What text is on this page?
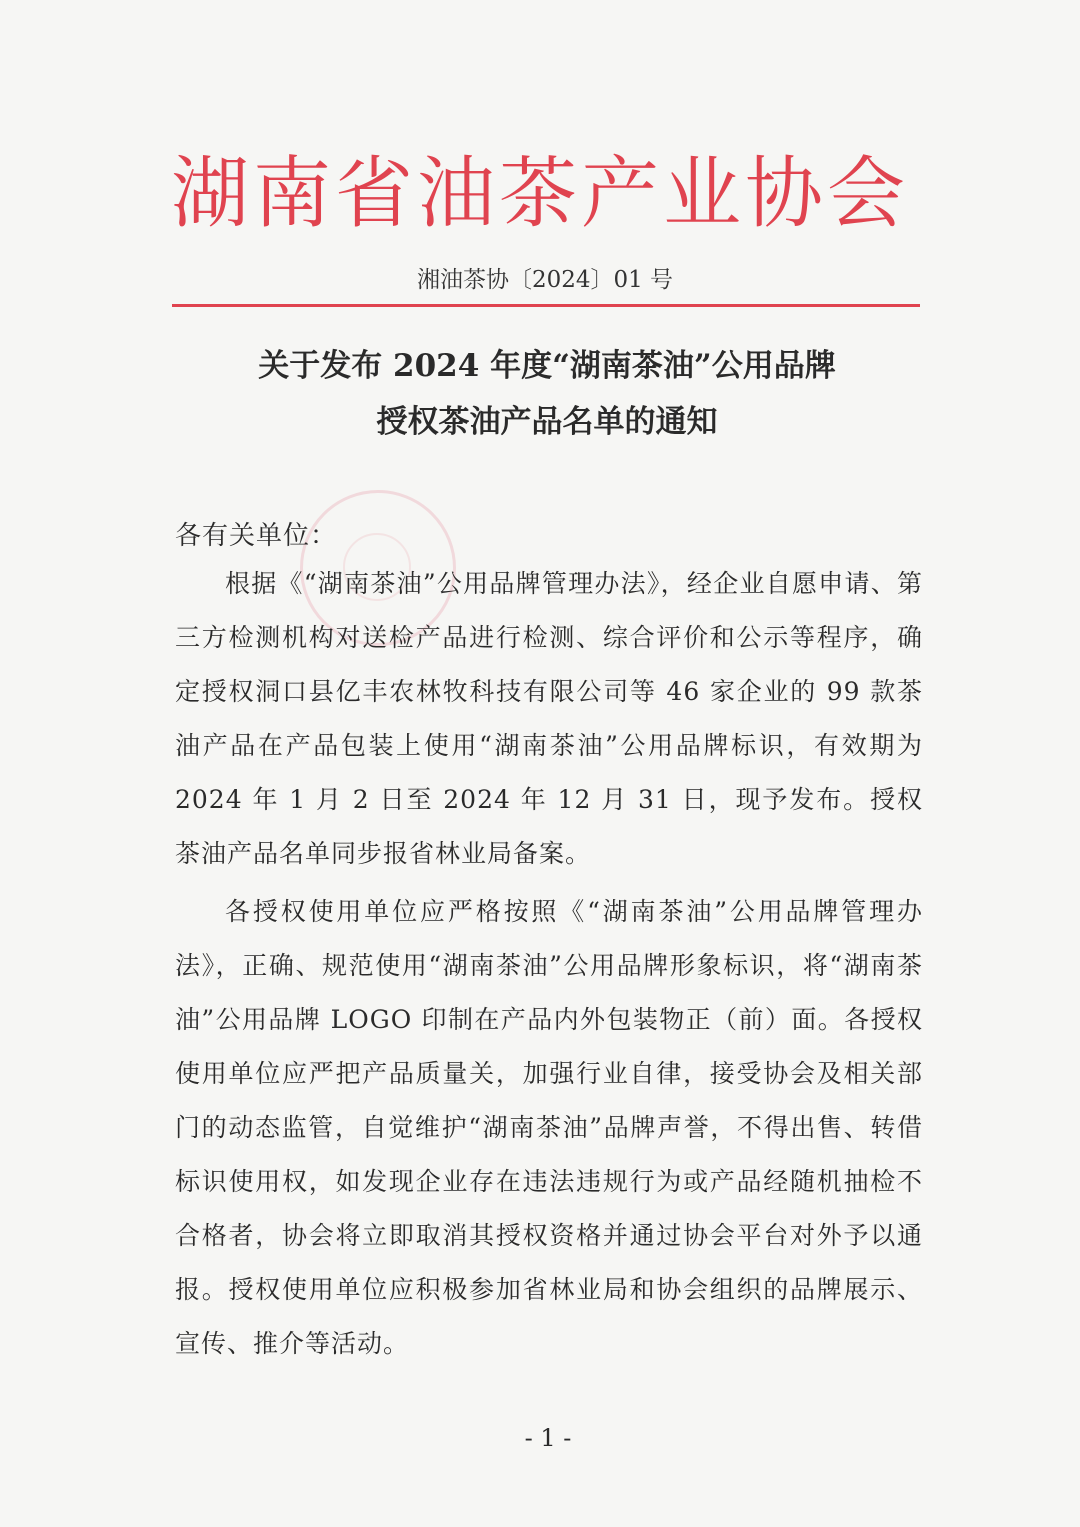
湖南省油茶产业协会
湘油茶协〔2024〕01 号
关于发布 2024 年度“湖南茶油”公用品牌
授权茶油产品名单的通知
各有关单位：

根据《“湖南茶油”公用品牌管理办法》，经企业自愿申请、第三方检测机构对送检产品进行检测、综合评价和公示等程序，确定授权洞口县亿丰农林牧科技有限公司等 46 家企业的 99 款茶油产品在产品包装上使用“湖南茶油”公用品牌标识，有效期为 2024 年 1 月 2 日至 2024 年 12 月 31 日，现予发布。授权茶油产品名单同步报省林业局备案。

各授权使用单位应严格按照《“湖南茶油”公用品牌管理办法》，正确、规范使用“湖南茶油”公用品牌形象标识，将“湖南茶油”公用品牌 LOGO 印制在产品内外包装物正（前）面。各授权使用单位应严把产品质量关，加强行业自律，接受协会及相关部门的动态监管，自觉维护“湖南茶油”品牌声誉，不得出售、转借标识使用权，如发现企业存在违法违规行为或产品经随机抽检不合格者，协会将立即取消其授权资格并通过协会平台对外予以通报。授权使用单位应积极参加省林业局和协会组织的品牌展示、宣传、推介等活动。

- 1 -
